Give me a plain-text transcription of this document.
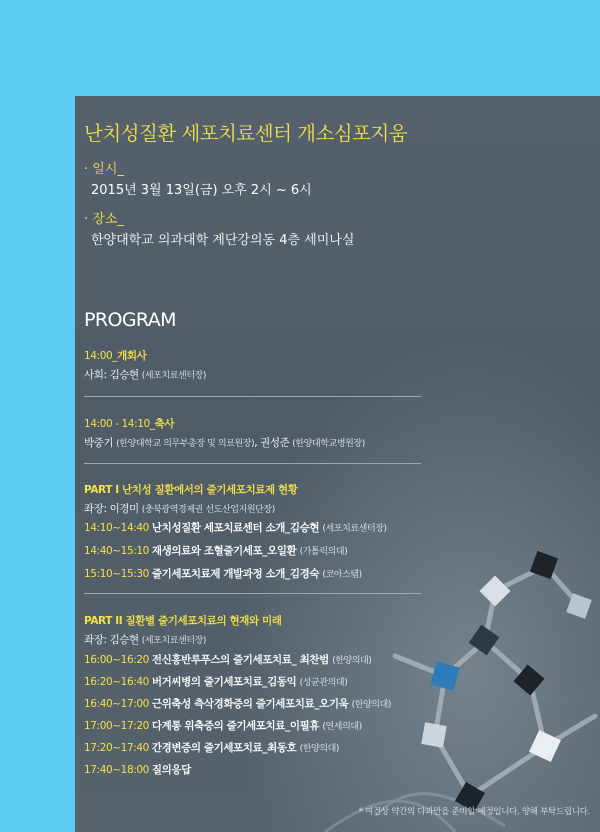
난치성질환 세포치료센터 개소심포지움
· 일시_
2015년 3월 13일(금) 오후 2시 ~ 6시
· 장소_
한양대학교 의과대학 계단강의동 4층 세미나실
PROGRAM
14:00_개회사
사회: 김승현 (세포치료센터장)
14:00 - 14:10_축사
박중기 (한양대학교 의무부총장 및 의료원장), 권성준 (한양대학교병원장)
PART I 난치성 질환에서의 줄기세포치료제 현황
좌장: 이경미 (충북광역경제권 선도산업지원단장)
14:10~14:40 난치성질환 세포치료센터 소개_김승현 (세포치료센터장)
14:40~15:10 재생의료와 조혈줄기세포_오일환 (가톨릭의대)
15:10~15:30 줄기세포치료제 개발과정 소개_김경숙 (코아스템)
PART II 질환별 줄기세포치료의 현재와 미래
좌장: 김승현 (세포치료센터장)
16:00~16:20 전신홍반루푸스의 줄기세포치료_ 최찬범 (한양의대)
16:20~16:40 버거씨병의 줄기세포치료_김동익 (성균관의대)
16:40~17:00 근위축성 측삭경화증의 줄기세포치료_오기욱 (한양의대)
17:00~17:20 다계통 위축증의 줄기세포치료_이필휴 (연세의대)
17:20~17:40 간경변증의 줄기세포치료_최동호 (한양의대)
17:40~18:00 질의응답
* 여건상 약간의 다과만을 준비할 예정입니다. 양해 부탁드립니다.
